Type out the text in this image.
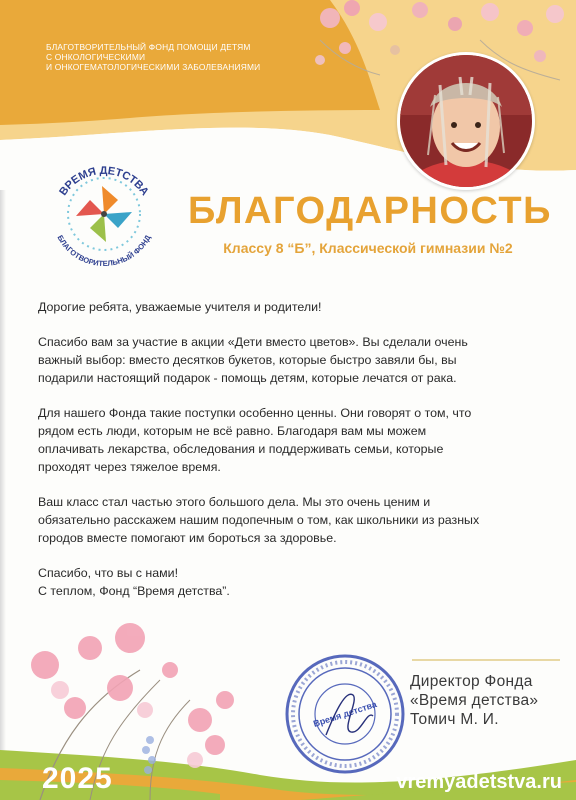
БЛАГОТВОРИТЕЛЬНЫЙ ФОНД ПОМОЩИ ДЕТЯМ
С ОНКОЛОГИЧЕСКИМИ
И ОНКОГЕМАТОЛОГИЧЕСКИМИ ЗАБОЛЕВАНИЯМИ
ВРЕМЯ ДЕТСТВА
БЛАГОТВОРИТЕЛЬНЫЙ ФОНД
БЛАГОДАРНОСТЬ
Классу 8 “Б”, Классической гимназии №2

Дорогие ребята, уважаемые учителя и родители!

Спасибо вам за участие в акции «Дети вместо цветов». Вы сделали очень
важный выбор: вместо десятков букетов, которые быстро завяли бы, вы
подарили настоящий подарок - помощь детям, которые лечатся от рака.

Для нашего Фонда такие поступки особенно ценны. Они говорят о том, что
рядом есть люди, которым не всё равно. Благодаря вам мы можем
оплачивать лекарства, обследования и поддерживать семьи, которые
проходят через тяжелое время.

Ваш класс стал частью этого большого дела. Мы это очень ценим и
обязательно расскажем нашим подопечным о том, как школьники из разных
городов вместе помогают им бороться за здоровье.

Спасибо, что вы с нами!
С теплом, Фонд “Время детства”.

Время детства
Директор Фонда
«Время детства»
Томич М. И.
2025	vremyadetstva.ru
